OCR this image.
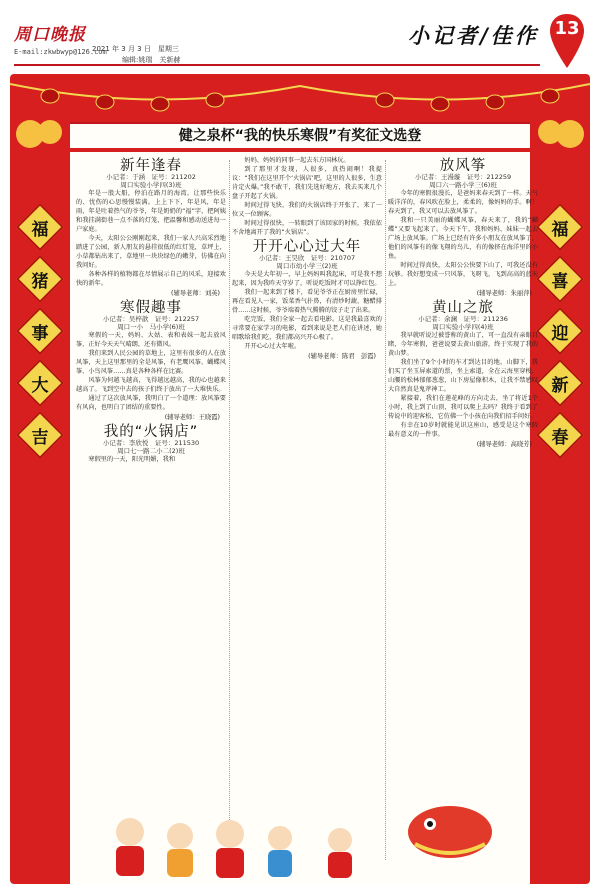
周口晚报
E-mail:zkwbwyp@126.com
2021 年 3 月 3 日　星期三
编辑:姚瑞　关新赫
小记者/佳作 13
健之泉杯“我的快乐寒假”有奖征文选登
福
猪
事
大
吉
福
喜
迎
新
春
新年逢春
小记者：于涵　证号：211202
周口实验小学四(3)班

年是一股大船，停泊在路月的海湾，让那些快乐的、忧伤的心思慢慢装满。上上下下，年是风，年是雨，年是吐着热气的爷爷，年是奶奶的“福”字，把阿姨和我挂满街巷一点不落的灯笼，把温馨和感动送进每一户家庭。

今天，太阳公公刚刚起来，我们一家人兴高采烈地踏进了公园，新人朋友的悬挂很低的红灯笼，草坪上，小草都钻出来了，草地里一块块绿色的嫩芽，仿佛在向我问好。

各种各样的植物都在尽情展示自己的风采，迎接欢快的新年。

(辅导老师：刘英)
寒假趣事
小记者：吴梓歆　证号：212257
周口一小　马小学(6)班

寒假的一天，妈妈、大姑、表和表妹一起去放风筝，正好今天天气晴朗，还有微风。

我们来到人民公园的草地上，这里有很多的人在放风筝，天上这里那里的全是风筝，有老鹰风筝、蝴蝶风筝、小鸟风筝……真是各种各样在比赛。

风筝为何越飞越高，飞得越远越高，我的心也越来越高了。飞到空中去的孩子们终于放出了一大堆快乐。

通过了这次放风筝，我明白了一个道理：放风筝要有风向，也明白了团结的重要性。

(辅导老师：王晓霞)
我的“火锅店”
小记者：李欣悦　证号：211530
周口七一路二小二(2)班

寒假里的一天，阳光明媚，我和

妈妈、妈妈的同事一起去东方国林玩。

到了那里才发现，人很多，真热闹啊！我提议：“我们在这里开个‘火锅店’吧，这里的人很多，生意肯定火爆。”我不敢干，我们先选好地方，我去买来几个盘子开起了火锅。

时间过得飞快，我们的火锅店终于开张了，来了一位又一位顾客。

时间过得很快，一转眼到了该回家的时候，我依依不舍地离开了我的“火锅店”。

开开心心过大年
小记者：王昊欣　证号：210707
周口市幼小学三(2)班

今天是大年初一，早上妈妈叫我起床，可是我不想起来，因为我昨天守岁了，听说吃饭时才可以挣红包。

我们一起来到了楼下，看见爷爷正在厨房里忙碌，再在看见人一家，饭菜香气扑鼻，有清炒时蔬、糖醋排骨……这时候，爷爷端着热气腾腾的饺子走了出来。

吃完饭，我们全家一起去看电影。这是我最喜欢的寻常要在家学习的电影，看到来说是老人们在讲述，她唱歌给我们吃，我们都高兴开心极了。

开开心心过大年啦。

(辅导老师：陈君　彭霞)
放风筝
小记者：王漫璇　证号：212259
周口六一路小学三(6)班

今年的寒假很漫长，是爸妈来春天到了一样。天气暖洋洋的，春风吹在脸上，柔柔的，像妈妈的手。啊！春天到了，我又可以去放风筝了。

我和一只美丽的蝴蝶风筝，春天来了，我的“蝴蝶”又要飞起来了。今天下午，我和妈妈、妹妹一起去广场上放风筝。广场上已经有许多小朋友在放风筝了，他们的风筝有的像飞翔的鸟儿，有的像挤在海洋里的小鱼。

时间过得真快，太阳公公快要下山了，可我还没有玩够。我好想变成一只风筝，飞呀飞，飞到高高的蓝天上。

(辅导老师：朱丽萍)
黄山之旅
小记者：余澜　证号：211236
周口实验小学四(4)班

我早就听说过被誉称的黄山了，可一直没有亲眼目睹，今年寒假，爸爸说要去黄山旅游，终于实现了我的黄山梦。

我们坐了9个小时的车才到达目的地。山脚下，我们买了坐玉屏索道的票，坐上索道，全在云海里穿梭，山腰的松林郁郁葱葱，山下房屋像积木，让我不禁感叹大自然真是鬼斧神工。

紧接着，我们在莲花峰的方向走去，坐了将近1个小时，我上到了山顶，我可以爬上去吗？我终于看到了传说中的迎客松，它仿佛一个小孩在向我们招手问好。

有幸在10岁时就能见识这座山，感受是这个寒假最有意义的一件事。

(辅导老师：高晓芳)
